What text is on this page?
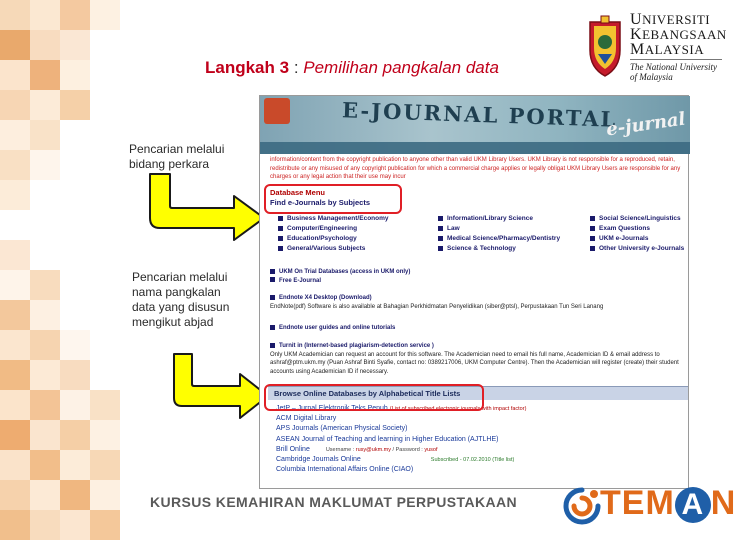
Langkah 3 : Pemilihan pangkalan data
UNIVERSITI
KEBANGSAAN
MALAYSIA
The National University
of Malaysia
Pencarian melalui bidang perkara
Pencarian melalui nama pangkalan data yang disusun mengikut abjad
E-JOURNAL PORTAL
e-jurnal
information/content from the copyright publication to anyone other than valid UKM Library Users. UKM Library is not responsible for a reproduced, retain, redistribute or any misused of any copyright publication for which a commercial charge applies or legally obligat UKM Library Users are responsible for any charges or any legal action that their use may incur
Database Menu
Find e-Journals by Subjects
Business Management/Economy
Computer/Engineering
Education/Psychology
General/Various Subjects
Information/Library Science
Law
Medical Science/Pharmacy/Dentistry
Science & Technology
Social Science/Linguistics
Exam Questions
UKM e-Journals
Other University e-Journals
UKM On Trial Databases (access in UKM only)
Free E-Journal
Endnote X4 Desktop (Download)
EndNote(pdf) Software is also available at Bahagian Perkhidmatan Penyelidikan (siber@ptsl), Perpustakaan Tun Seri Lanang
Endnote user guides and online tutorials
Turnit in (Internet-based plagiarism-detection service )
Only UKM Academician can request an account for this software. The Academician need to email his full name, Academician ID & email address to ashraf@ptm.ukm.my (Puan Ashraf Binti Syafie, contact no: 0389217006, UKM Computer Centre). Then the Academician will register (create) their student accounts using Academician ID if necessary.
Browse Online Databases by Alphabetical Title Lists
JetP – Jurnal Elektronik Teks Penuh (List of subscribed electronic journals with impact factor)
ACM Digital Library
APS Journals (American Physical Society)
ASEAN Journal of Teaching and learning in Higher Education (AJTLHE)
Brill Online	Username : rusy@ukm.my / Password : yusof
Cambridge Journals Online	Subscribed - 07.02.2010 (Title list)
Columbia International Affairs Online (CIAO)
KURSUS KEMAHIRAN MAKLUMAT PERPUSTAKAAN TEM A N
